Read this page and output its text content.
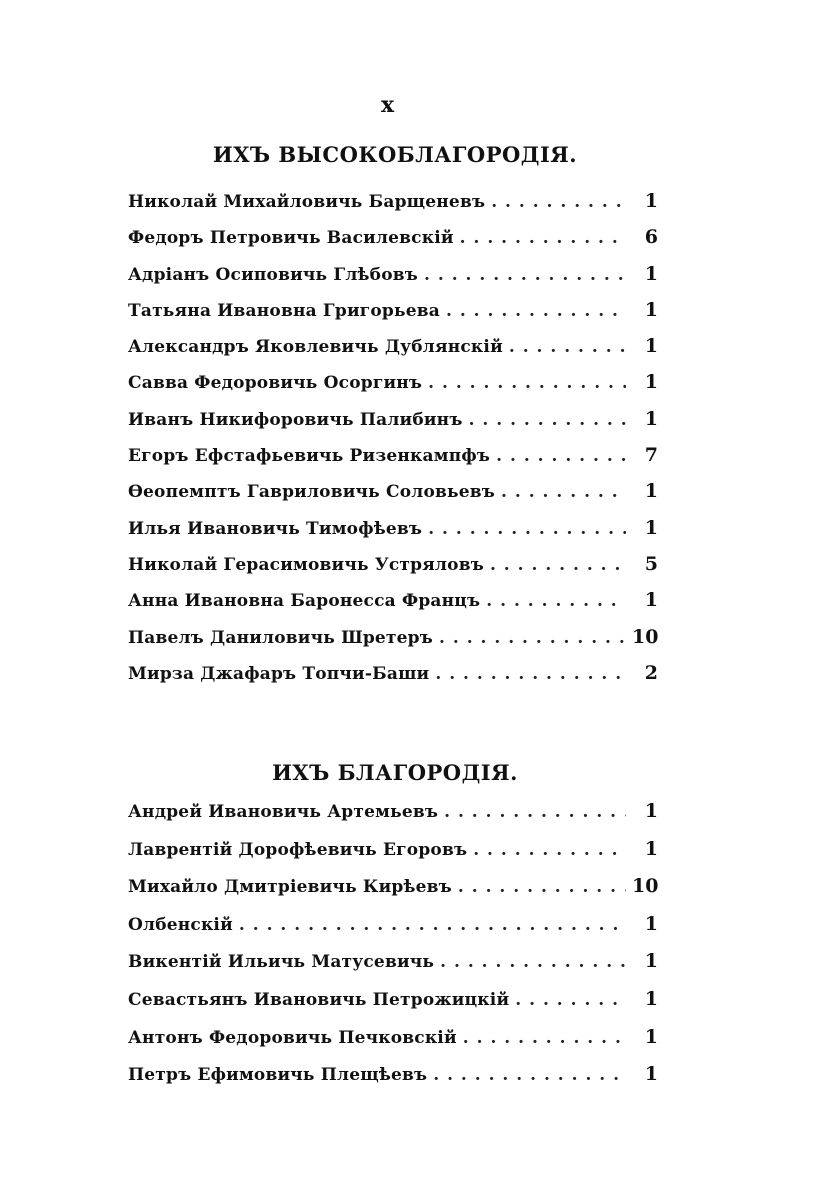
x
ИХЪ ВЫСОКОБЛАГОРОДІЯ.
Николай Михайловичь Барщеневъ . . .	1
Федоръ Петровичь Василевскій . . .	6
Адріанъ Осиповичь Глѣбовъ . . .	1
Татьяна Ивановна Григорьева . . .	1
Александръ Яковлевичь Дублянскій . . .	1
Савва Федоровичь Осоргинъ . . .	1
Иванъ Никифоровичь Палибинъ . . .	1
Егоръ Ефстафьевичь Ризенкампфъ . . .	7
Ѳеопемптъ Гавриловичь Соловьевъ . . .	1
Илья Ивановичь Тимофѣевъ . . .	1
Николай Герасимовичь Устряловъ . . .	5
Анна Ивановна Баронесса Францъ . . .	1
Павелъ Даниловичь Шретеръ . . .	10
Мирза Джафаръ Топчи-Баши . . .	2
ИХЪ БЛАГОРОДІЯ.
Андрей Ивановичь Артемьевъ . . .	1
Лаврентій Дорофѣевичь Егоровъ . . .	1
Михайло Дмитріевичь Кирѣевъ . . .	10
Олбенскій . . .	1
Викентій Ильичь Матусевичь . . .	1
Севастьянъ Ивановичь Петрожицкій . . .	1
Антонъ Федоровичь Печковскій . . .	1
Петръ Ефимовичь Плещѣевъ . . .	1
